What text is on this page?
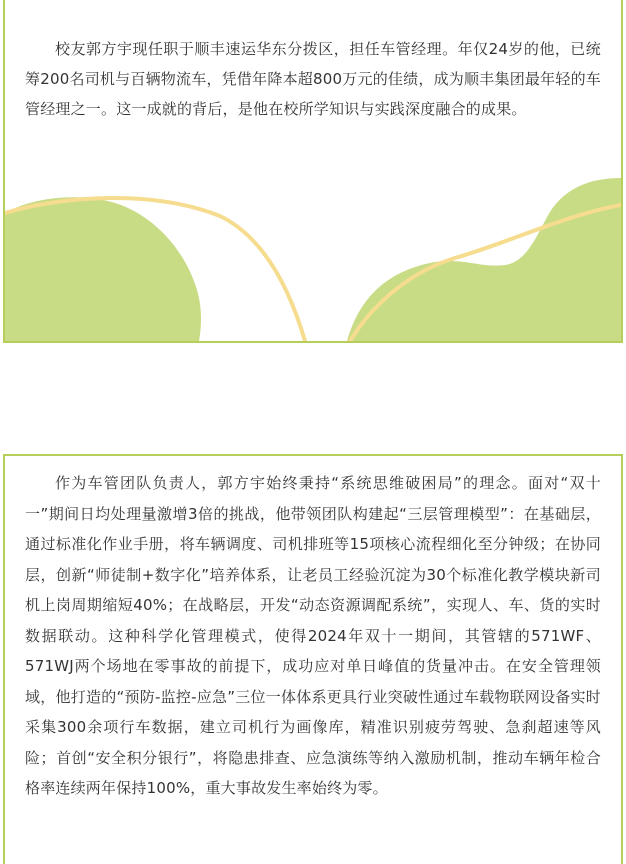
校友郭方宇现任职于顺丰速运华东分拨区，担任车管经理。年仅24岁的他，已统筹200名司机与百辆物流车，凭借年降本超800万元的佳绩，成为顺丰集团最年轻的车管经理之一。这一成就的背后，是他在校所学知识与实践深度融合的成果。

作为车管团队负责人，郭方宇始终秉持“系统思维破困局”的理念。面对“双十一”期间日均处理量激增3倍的挑战，他带领团队构建起“三层管理模型”：在基础层，通过标准化作业手册，将车辆调度、司机排班等15项核心流程细化至分钟级；在协同层，创新“师徒制+数字化”培养体系，让老员工经验沉淀为30个标准化教学模块新司机上岗周期缩短40%；在战略层，开发“动态资源调配系统”，实现人、车、货的实时数据联动。这种科学化管理模式，使得2024年双十一期间，其管辖的571WF、571WJ两个场地在零事故的前提下，成功应对单日峰值的货量冲击。在安全管理领域，他打造的“预防-监控-应急”三位一体体系更具行业突破性通过车载物联网设备实时采集300余项行车数据，建立司机行为画像库，精准识别疲劳驾驶、急刹超速等风险；首创“安全积分银行”，将隐患排查、应急演练等纳入激励机制，推动车辆年检合格率连续两年保持100%，重大事故发生率始终为零。
